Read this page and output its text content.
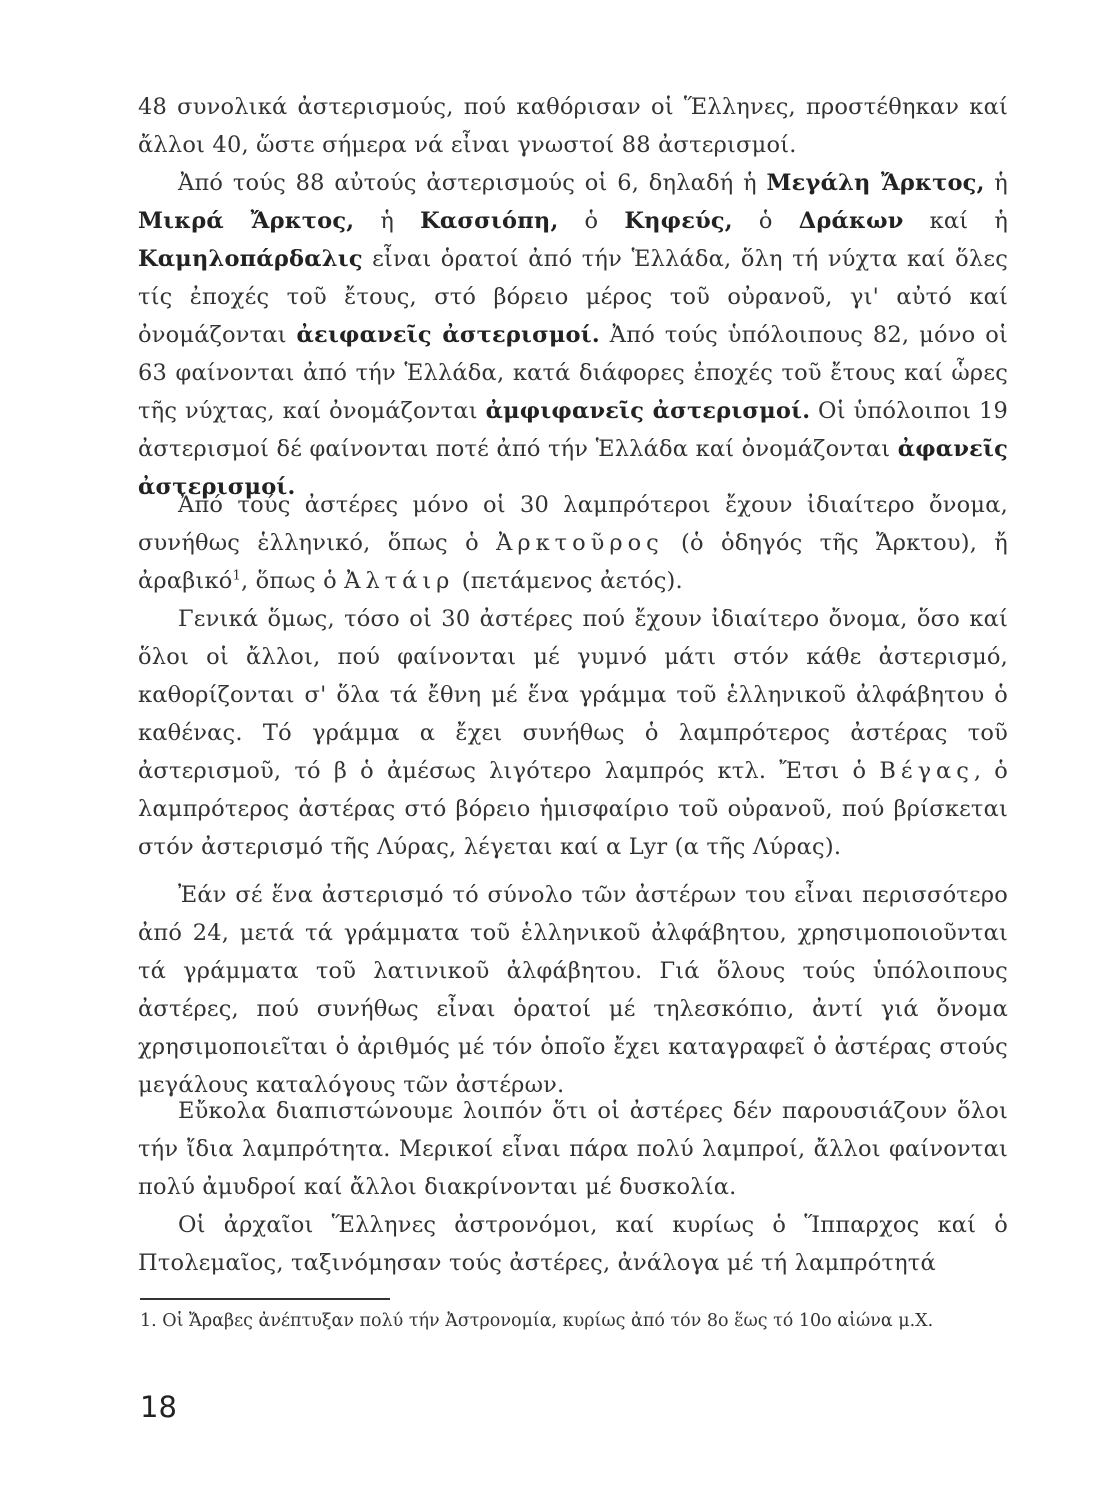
48 συνολικά ἀστερισμούς, πού καθόρισαν οἱ Ἕλληνες, προστέθηκαν καί ἄλλοι 40, ὥστε σήμερα νά εἶναι γνωστοί 88 ἀστερισμοί.
Ἀπό τούς 88 αὐτούς ἀστερισμούς οἱ 6, δηλαδή ἡ Μεγάλη Ἄρκτος, ἡ Μικρά Ἄρκτος, ἡ Κασσιόπη, ὁ Κηφεύς, ὁ Δράκων καί ἡ Καμηλοπάρδαλις εἶναι ὁρατοί ἀπό τήν Ἑλλάδα, ὅλη τή νύχτα καί ὅλες τίς ἐποχές τοῦ ἔτους, στό βόρειο μέρος τοῦ οὐρανοῦ, γι' αὐτό καί ὀνομάζονται ἀειφανεῖς ἀστερισμοί. Ἀπό τούς ὑπόλοιπους 82, μόνο οἱ 63 φαίνονται ἀπό τήν Ἑλλάδα, κατά διάφορες ἐποχές τοῦ ἔτους καί ὧρες τῆς νύχτας, καί ὀνομάζονται ἀμφιφανεῖς ἀστερισμοί. Οἱ ὑπόλοιποι 19 ἀστερισμοί δέ φαίνονται ποτέ ἀπό τήν Ἑλλάδα καί ὀνομάζονται ἀφανεῖς ἀστερισμοί.
Ἀπό τούς ἀστέρες μόνο οἱ 30 λαμπρότεροι ἔχουν ἰδιαίτερο ὄνομα, συνήθως ἑλληνικό, ὅπως ὁ Ἀρκτοῦρος (ὁ ὁδηγός τῆς Ἄρκτου), ἤ ἀραβικό$^1$, ὅπως ὁ Ἀλτάιρ (πετάμενος ἀετός).
Γενικά ὅμως, τόσο οἱ 30 ἀστέρες πού ἔχουν ἰδιαίτερο ὄνομα, ὅσο καί ὅλοι οἱ ἄλλοι, πού φαίνονται μέ γυμνό μάτι στόν κάθε ἀστερισμό, καθορίζονται σ' ὅλα τά ἔθνη μέ ἕνα γράμμα τοῦ ἑλληνικοῦ ἀλφάβητου ὁ καθένας. Τό γράμμα α ἔχει συνήθως ὁ λαμπρότερος ἀστέρας τοῦ ἀστερισμοῦ, τό β ὁ ἀμέσως λιγότερο λαμπρός κτλ. Ἔτσι ὁ Βέγας, ὁ λαμπρότερος ἀστέρας στό βόρειο ἡμισφαίριο τοῦ οὐρανοῦ, πού βρίσκεται στόν ἀστερισμό τῆς Λύρας, λέγεται καί α Lyr (α τῆς Λύρας).
Ἐάν σέ ἕνα ἀστερισμό τό σύνολο τῶν ἀστέρων του εἶναι περισσότερο ἀπό 24, μετά τά γράμματα τοῦ ἑλληνικοῦ ἀλφάβητου, χρησιμοποιοῦνται τά γράμματα τοῦ λατινικοῦ ἀλφάβητου. Γιά ὅλους τούς ὑπόλοιπους ἀστέρες, πού συνήθως εἶναι ὁρατοί μέ τηλεσκόπιο, ἀντί γιά ὄνομα χρησιμοποιεῖται ὁ ἀριθμός μέ τόν ὁποῖο ἔχει καταγραφεῖ ὁ ἀστέρας στούς μεγάλους καταλόγους τῶν ἀστέρων.
Εὔκολα διαπιστώνουμε λοιπόν ὅτι οἱ ἀστέρες δέν παρουσιάζουν ὅλοι τήν ἴδια λαμπρότητα. Μερικοί εἶναι πάρα πολύ λαμπροί, ἄλλοι φαίνονται πολύ ἀμυδροί καί ἄλλοι διακρίνονται μέ δυσκολία.
Οἱ ἀρχαῖοι Ἕλληνες ἀστρονόμοι, καί κυρίως ὁ Ἵππαρχος καί ὁ Πτολεμαῖος, ταξινόμησαν τούς ἀστέρες, ἀνάλογα μέ τή λαμπρότητά
1. Οἱ Ἄραβες ἀνέπτυξαν πολύ τήν Ἀστρονομία, κυρίως ἀπό τόν 8ο ἕως τό 10ο αἰώνα μ.Χ.
18
